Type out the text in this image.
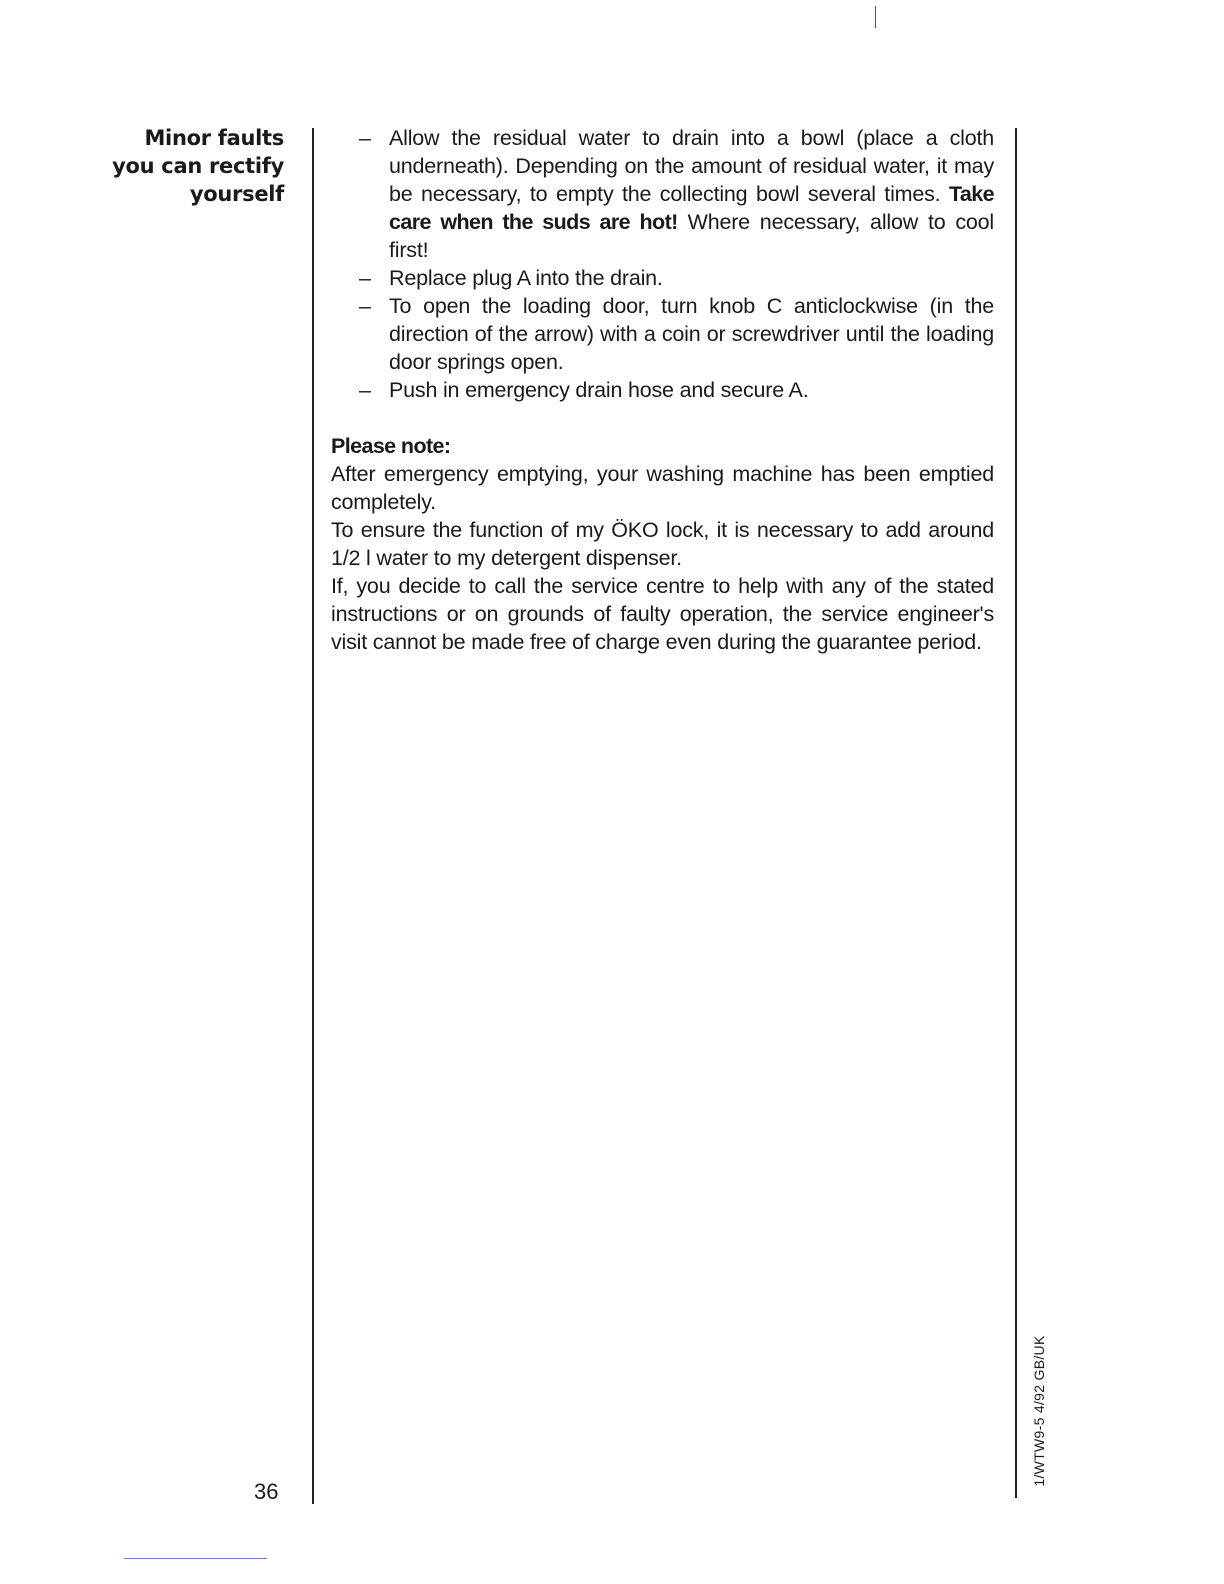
Minor faults
you can rectify
yourself
– Allow the residual water to drain into a bowl (place a cloth underneath). Depending on the amount of residual water, it may be necessary, to empty the collecting bowl several times. Take care when the suds are hot! Where necessary, allow to cool first!
– Replace plug A into the drain.
– To open the loading door, turn knob C anticlockwise (in the direction of the arrow) with a coin or screwdriver until the loading door springs open.
– Push in emergency drain hose and secure A.
Please note:

After emergency emptying, your washing machine has been emptied completely.

To ensure the function of my ÖKO lock, it is necessary to add around 1/2 l water to my detergent dispenser.

If, you decide to call the service centre to help with any of the stated instructions or on grounds of faulty operation, the service engineer's visit cannot be made free of charge even during the guarantee period.

36
1/WTW9-5 4/92 GB/UK
